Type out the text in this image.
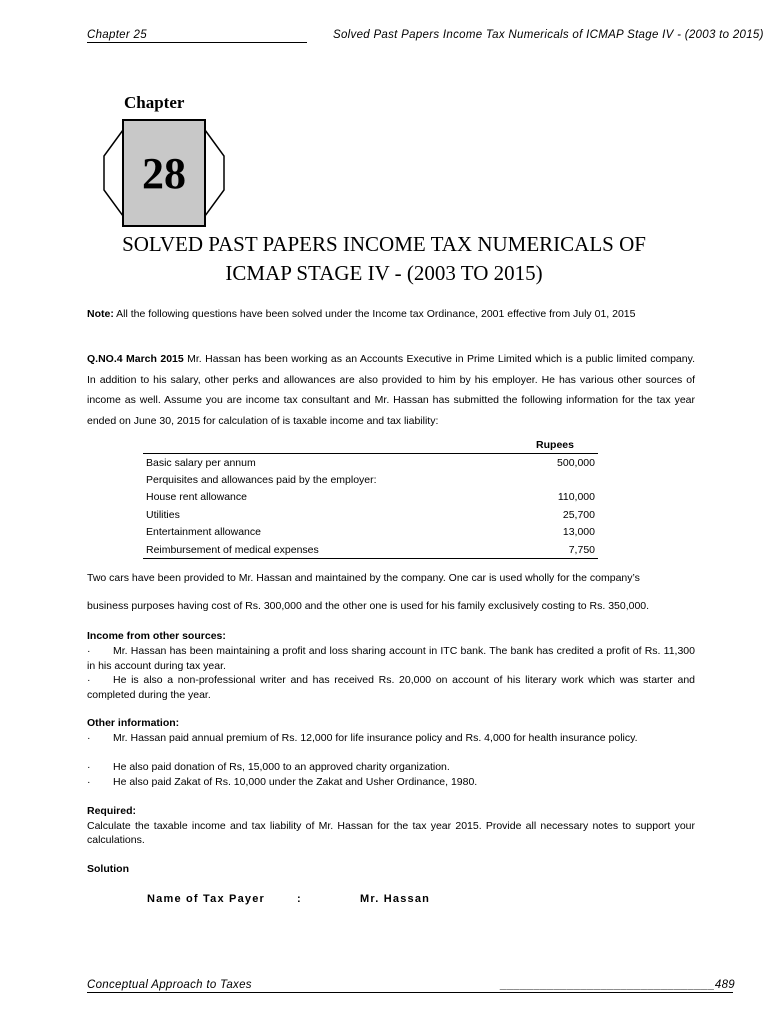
Chapter 25	Solved Past Papers Income Tax Numericals of ICMAP Stage IV - (2003 to 2015)
Chapter
28
SOLVED PAST PAPERS INCOME TAX NUMERICALS OF
ICMAP STAGE IV - (2003 TO 2015)
Note: All the following questions have been solved under the Income tax Ordinance, 2001 effective from July 01, 2015
Q.NO.4 March 2015 Mr. Hassan has been working as an Accounts Executive in Prime Limited which is a public limited company. In addition to his salary, other perks and allowances are also provided to him by his employer. He has various other sources of income as well. Assume you are income tax consultant and Mr. Hassan has submitted the following information for the tax year ended on June 30, 2015 for calculation of is taxable income and tax liability:
	Rupees
Basic salary per annum	500,000
Perquisites and allowances paid by the employer:	
House rent allowance	110,000
Utilities	25,700
Entertainment allowance	13,000
Reimbursement of medical expenses	7,750
Two cars have been provided to Mr. Hassan and maintained by the company. One car is used wholly for the company’s
business purposes having cost of Rs. 300,000 and the other one is used for his family exclusively costing to Rs. 350,000.
Income from other sources:
· Mr. Hassan has been maintaining a profit and loss sharing account in ITC bank. The bank has credited a profit of Rs. 11,300 in his account during tax year.
· He is also a non-professional writer and has received Rs. 20,000 on account of his literary work which was starter and completed during the year.
Other information:
· Mr. Hassan paid annual premium of Rs. 12,000 for life insurance policy and Rs. 4,000 for health insurance policy.
· He also paid donation of Rs, 15,000 to an approved charity organization.
· He also paid Zakat of Rs. 10,000 under the Zakat and Usher Ordinance, 1980.
Required:
Calculate the taxable income and tax liability of Mr. Hassan for the tax year 2015. Provide all necessary notes to support your calculations.
Solution
Name of Tax Payer	:	Mr. Hassan
Conceptual Approach to Taxes	________________________________489
